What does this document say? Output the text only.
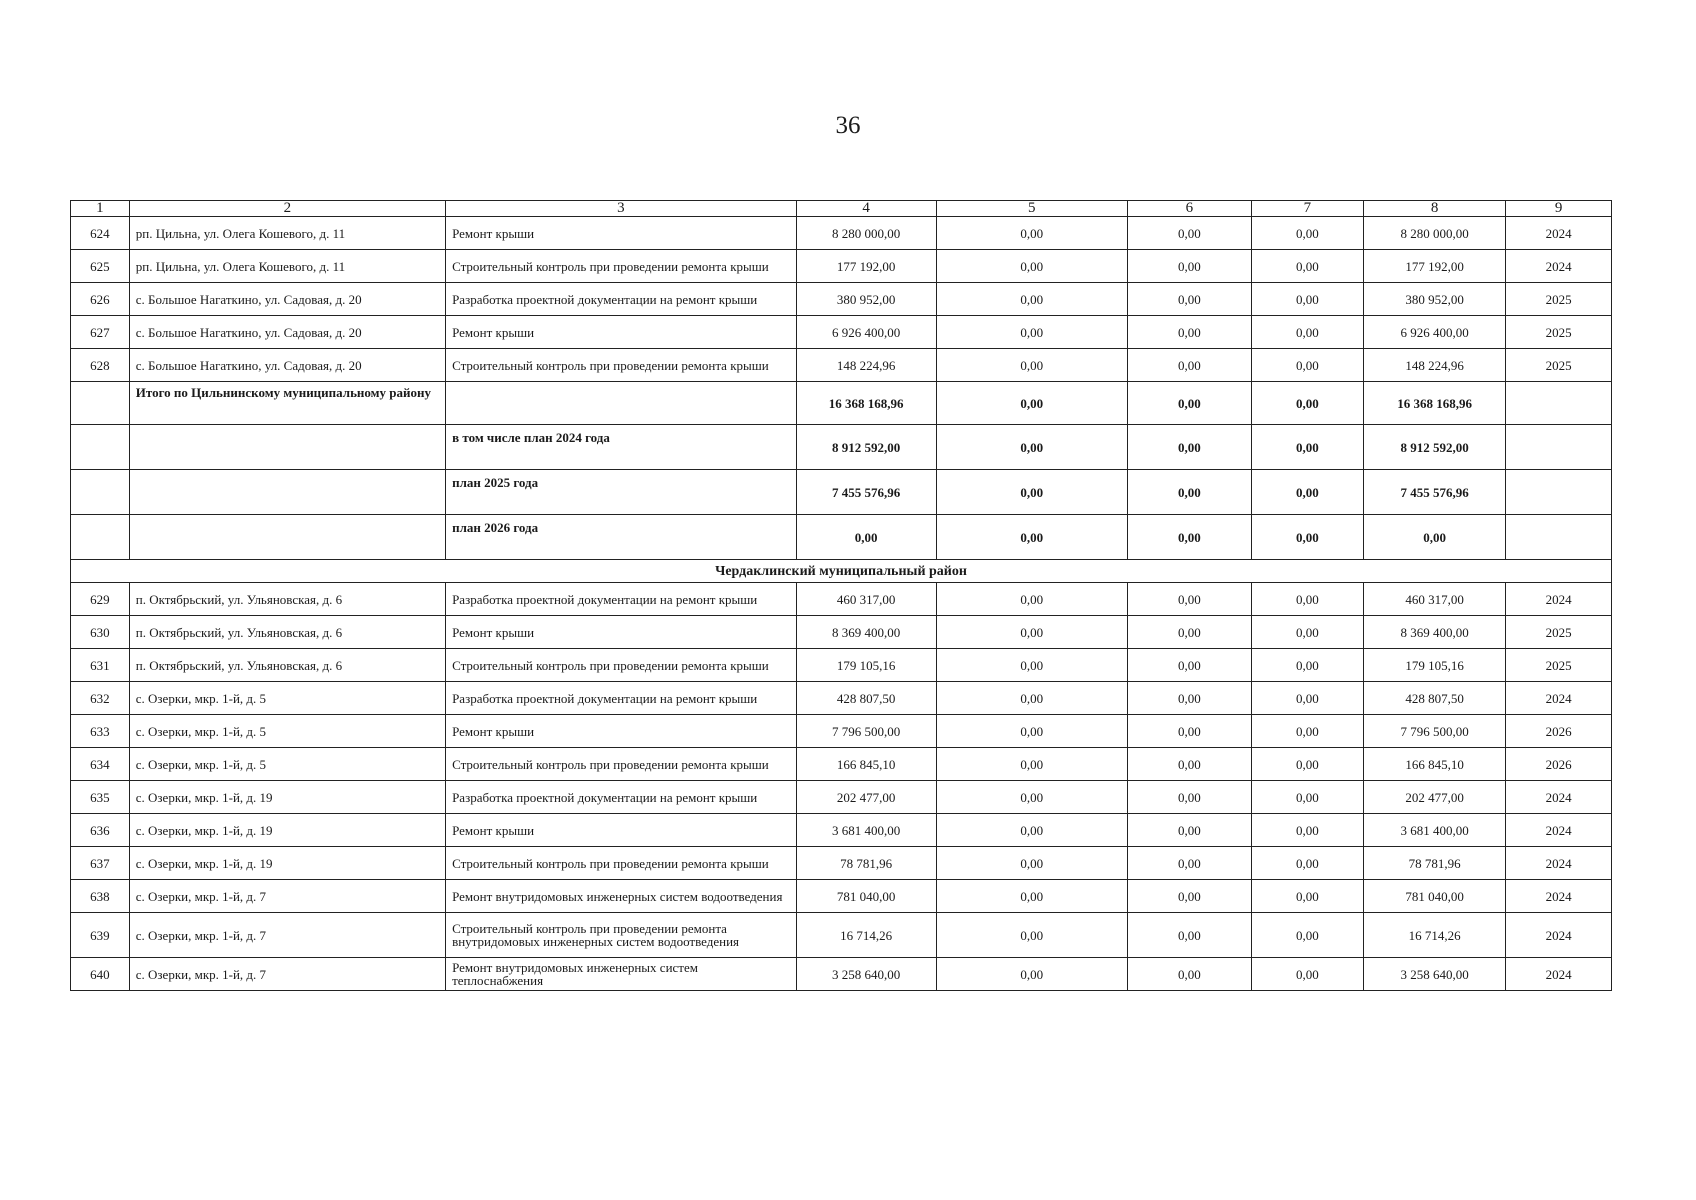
36
1	2	3	4	5	6	7	8	9
624	рп. Цильна, ул. Олега Кошевого, д. 11	Ремонт крыши	8 280 000,00	0,00	0,00	0,00	8 280 000,00	2024
625	рп. Цильна, ул. Олега Кошевого, д. 11	Строительный контроль при проведении ремонта крыши	177 192,00	0,00	0,00	0,00	177 192,00	2024
626	с. Большое Нагаткино, ул. Садовая, д. 20	Разработка проектной документации на ремонт крыши	380 952,00	0,00	0,00	0,00	380 952,00	2025
627	с. Большое Нагаткино, ул. Садовая, д. 20	Ремонт крыши	6 926 400,00	0,00	0,00	0,00	6 926 400,00	2025
628	с. Большое Нагаткино, ул. Садовая, д. 20	Строительный контроль при проведении ремонта крыши	148 224,96	0,00	0,00	0,00	148 224,96	2025
	Итого по Цильнинскому муниципальному району		16 368 168,96	0,00	0,00	0,00	16 368 168,96	
		в том числе план 2024 года	8 912 592,00	0,00	0,00	0,00	8 912 592,00	
		план 2025 года	7 455 576,96	0,00	0,00	0,00	7 455 576,96	
		план 2026 года	0,00	0,00	0,00	0,00	0,00	
Чердаклинский муниципальный район								
629	п. Октябрьский, ул. Ульяновская, д. 6	Разработка проектной документации на ремонт крыши	460 317,00	0,00	0,00	0,00	460 317,00	2024
630	п. Октябрьский, ул. Ульяновская, д. 6	Ремонт крыши	8 369 400,00	0,00	0,00	0,00	8 369 400,00	2025
631	п. Октябрьский, ул. Ульяновская, д. 6	Строительный контроль при проведении ремонта крыши	179 105,16	0,00	0,00	0,00	179 105,16	2025
632	с. Озерки, мкр. 1-й, д. 5	Разработка проектной документации на ремонт крыши	428 807,50	0,00	0,00	0,00	428 807,50	2024
633	с. Озерки, мкр. 1-й, д. 5	Ремонт крыши	7 796 500,00	0,00	0,00	0,00	7 796 500,00	2026
634	с. Озерки, мкр. 1-й, д. 5	Строительный контроль при проведении ремонта крыши	166 845,10	0,00	0,00	0,00	166 845,10	2026
635	с. Озерки, мкр. 1-й, д. 19	Разработка проектной документации на ремонт крыши	202 477,00	0,00	0,00	0,00	202 477,00	2024
636	с. Озерки, мкр. 1-й, д. 19	Ремонт крыши	3 681 400,00	0,00	0,00	0,00	3 681 400,00	2024
637	с. Озерки, мкр. 1-й, д. 19	Строительный контроль при проведении ремонта крыши	78 781,96	0,00	0,00	0,00	78 781,96	2024
638	с. Озерки, мкр. 1-й, д. 7	Ремонт внутридомовых инженерных систем водоотведения	781 040,00	0,00	0,00	0,00	781 040,00	2024
639	с. Озерки, мкр. 1-й, д. 7	Строительный контроль при проведении ремонта внутридомовых инженерных систем водоотведения	16 714,26	0,00	0,00	0,00	16 714,26	2024
640	с. Озерки, мкр. 1-й, д. 7	Ремонт внутридомовых инженерных систем теплоснабжения	3 258 640,00	0,00	0,00	0,00	3 258 640,00	2024
